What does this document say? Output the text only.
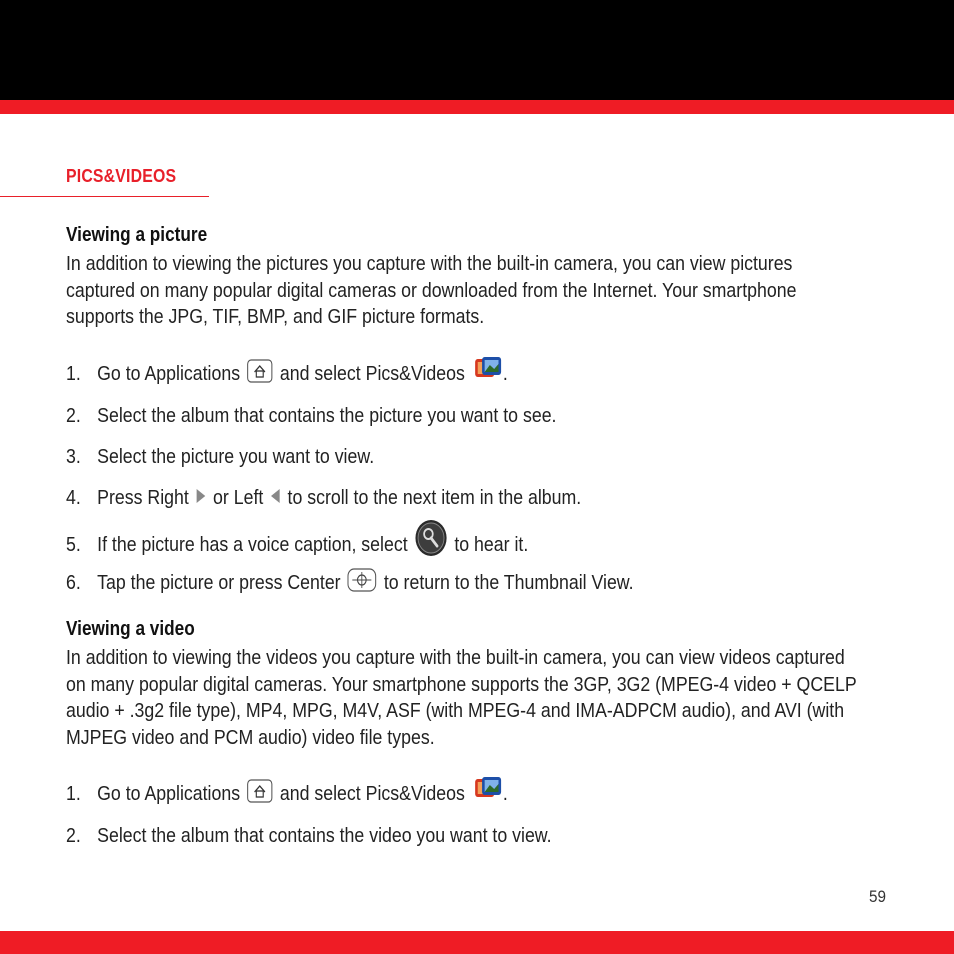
PICS&VIDEOS
Viewing a picture
In addition to viewing the pictures you capture with the built-in camera, you can view pictures captured on many popular digital cameras or downloaded from the Internet. Your smartphone supports the JPG, TIF, BMP, and GIF picture formats.
1. Go to Applications and select Pics&Videos .
2. Select the album that contains the picture you want to see.
3. Select the picture you want to view.
4. Press Right or Left to scroll to the next item in the album.
5. If the picture has a voice caption, select to hear it.
6. Tap the picture or press Center to return to the Thumbnail View.
Viewing a video
In addition to viewing the videos you capture with the built-in camera, you can view videos captured on many popular digital cameras. Your smartphone supports the 3GP, 3G2 (MPEG-4 video + QCELP audio + .3g2 file type), MP4, MPG, M4V, ASF (with MPEG-4 and IMA-ADPCM audio), and AVI (with MJPEG video and PCM audio) video file types.
1. Go to Applications and select Pics&Videos .
2. Select the album that contains the video you want to view.
59
